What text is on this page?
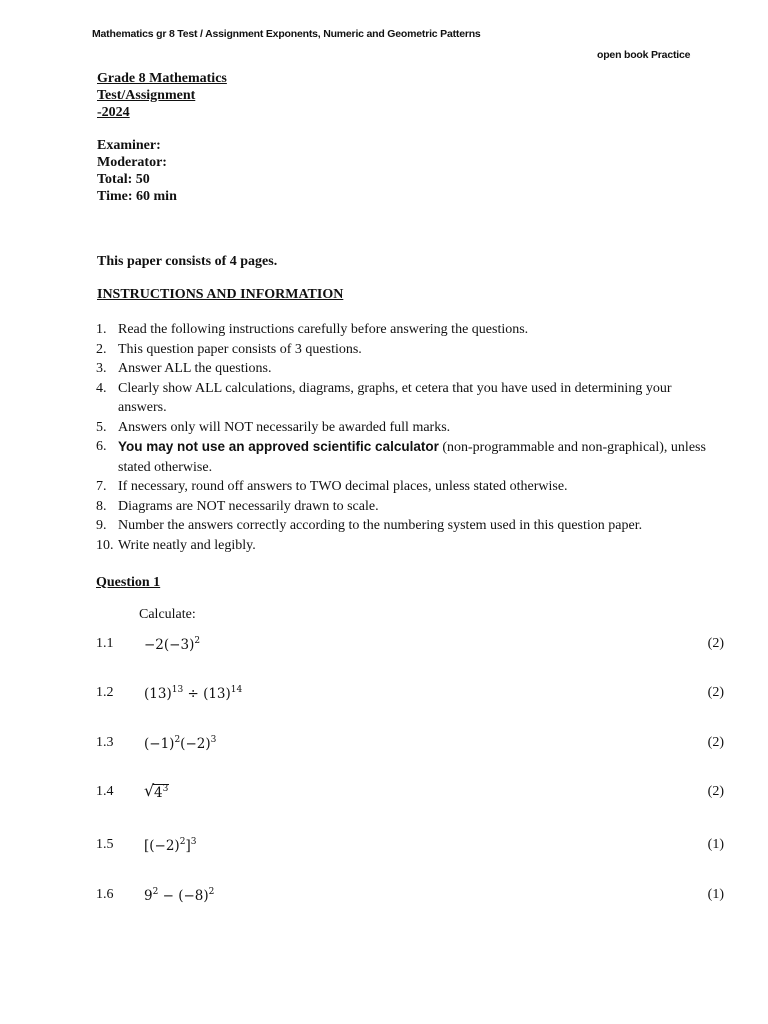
Mathematics gr 8 Test / Assignment Exponents, Numeric and Geometric Patterns
open book Practice
Grade 8 Mathematics
Test/Assignment
-2024
Examiner:
Moderator:
Total: 50
Time: 60 min
This paper consists of 4 pages.
INSTRUCTIONS AND INFORMATION
1. Read the following instructions carefully before answering the questions.
2. This question paper consists of 3 questions.
3. Answer ALL the questions.
4. Clearly show ALL calculations, diagrams, graphs, et cetera that you have used in determining your answers.
5. Answers only will NOT necessarily be awarded full marks.
6. You may not use an approved scientific calculator (non-programmable and non-graphical), unless stated otherwise.
7. If necessary, round off answers to TWO decimal places, unless stated otherwise.
8. Diagrams are NOT necessarily drawn to scale.
9. Number the answers correctly according to the numbering system used in this question paper.
10. Write neatly and legibly.
Question 1
Calculate:
$1.1 -2(-3)^2$	(2)
1.2 $(13)^{13} \div (13)^{14}$	(2)
1.3 $(-1)^2(-2)^3$	(2)
1.4 √ $4^3$	(2)
1.5 $[(-2)^2]^3$	(1)
1.6 $9^2 - (-8)^2$	(1)
